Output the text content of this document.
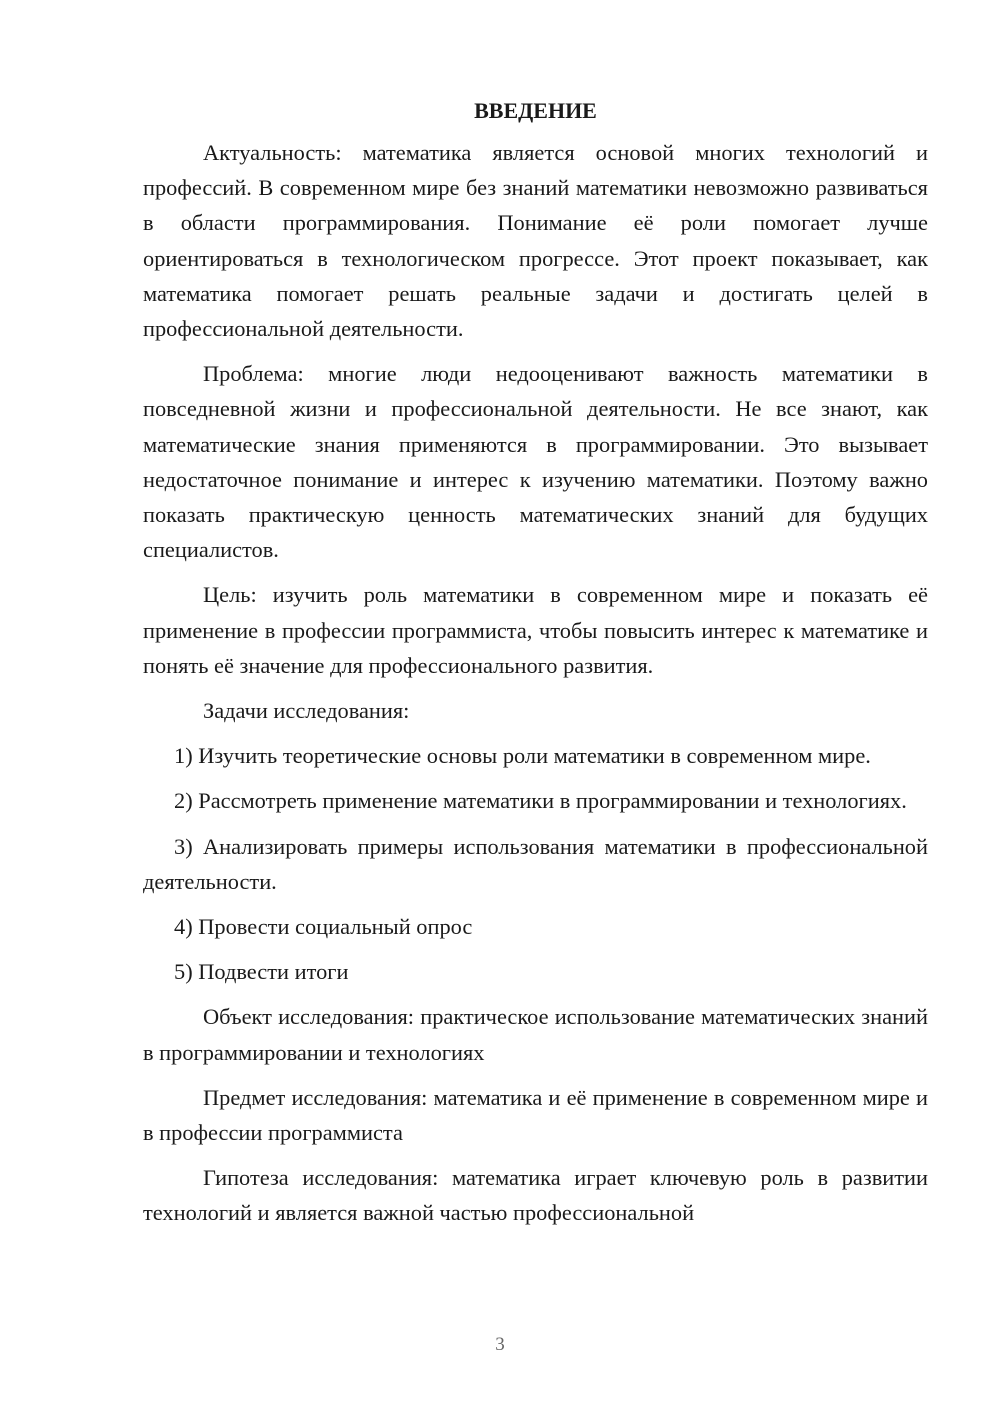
ВВЕДЕНИЕ

Актуальность: математика является основой многих технологий и профессий. В современном мире без знаний математики невозможно развиваться в области программирования. Понимание её роли помогает лучше ориентироваться в технологическом прогрессе. Этот проект показывает, как математика помогает решать реальные задачи и достигать целей в профессиональной деятельности.

Проблема: многие люди недооценивают важность математики в повседневной жизни и профессиональной деятельности. Не все знают, как математические знания применяются в программировании. Это вызывает недостаточное понимание и интерес к изучению математики. Поэтому важно показать практическую ценность математических знаний для будущих специалистов.

Цель: изучить роль математики в современном мире и показать её применение в профессии программиста, чтобы повысить интерес к математике и понять её значение для профессионального развития.

Задачи исследования:

1) Изучить теоретические основы роли математики в современном мире.

2) Рассмотреть применение математики в программировании и технологиях.

3) Анализировать примеры использования математики в профессиональной деятельности.

4) Провести социальный опрос

5) Подвести итоги

Объект исследования: практическое использование математических знаний в программировании и технологиях

Предмет исследования: математика и её применение в современном мире и в профессии программиста

Гипотеза исследования: математика играет ключевую роль в развитии технологий и является важной частью профессиональной

3
